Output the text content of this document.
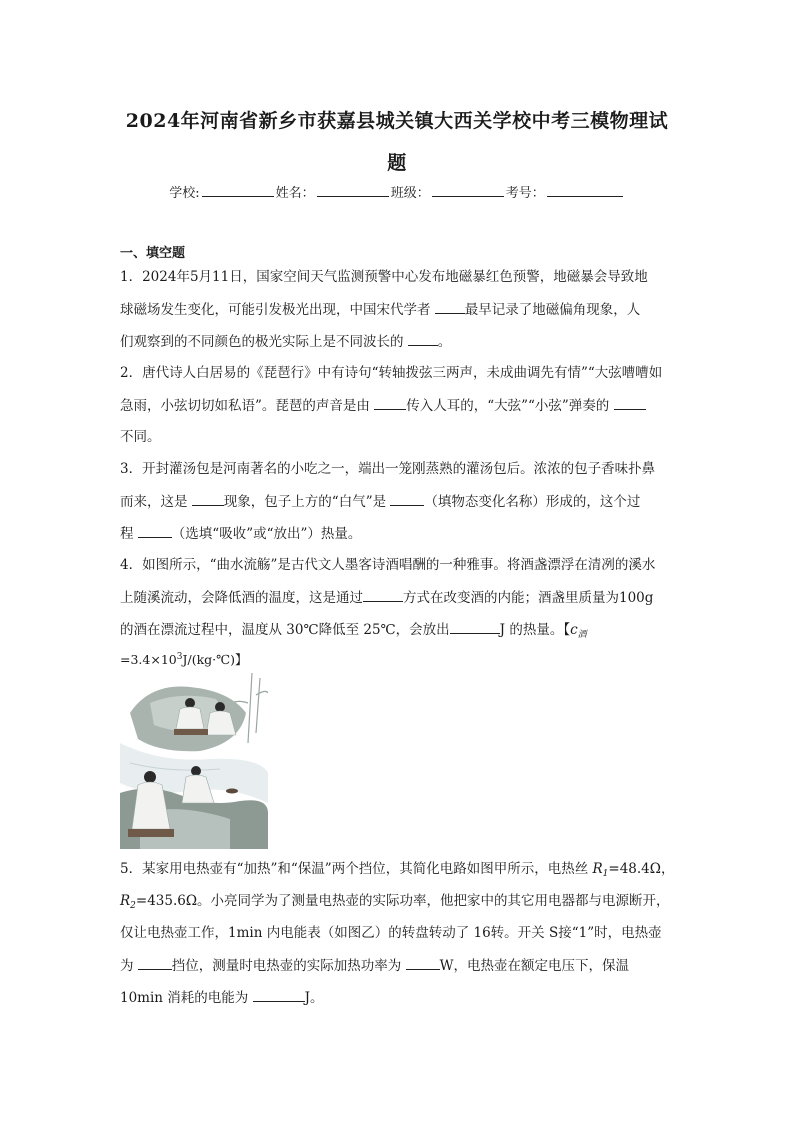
2024年河南省新乡市获嘉县城关镇大西关学校中考三模物理试
题
学校:	姓名：	班级：	考号：
一、填空题
1．2024年5月11日，国家空间天气监测预警中心发布地磁暴红色预警，地磁暴会导致地
球磁场发生变化，可能引发极光出现，中国宋代学者 最早记录了地磁偏角现象，人
们观察到的不同颜色的极光实际上是不同波长的 。
2．唐代诗人白居易的《琵琶行》中有诗句“转轴拨弦三两声，未成曲调先有情”“大弦嘈嘈如
急雨，小弦切切如私语”。琵琶的声音是由 传入人耳的，“大弦”“小弦”弹奏的
不同。
3．开封灌汤包是河南著名的小吃之一，端出一笼刚蒸熟的灌汤包后。浓浓的包子香味扑鼻
而来，这是 现象，包子上方的“白气”是	（填物态变化名称）形成的，这个过
程	（选填“吸收”或“放出”）热量。
4．如图所示，“曲水流觞”是古代文人墨客诗酒唱酬的一种雅事。将酒盏漂浮在清冽的溪水
上随溪流动，会降低酒的温度，这是通过	方式在改变酒的内能；酒盏里质量为100g
的酒在漂流过程中，温度从 30℃降低至 25℃，会放出	J 的热量。【$c_酒$
$=3.4\times 10^3J/(kg\cdot℃)$】
5．某家用电热壶有“加热”和“保温”两个挡位，其简化电路如图甲所示，电热丝 $R_1=48.4\Omega$，
$R_2=435.6\Omega$。小亮同学为了测量电热壶的实际功率，他把家中的其它用电器都与电源断开，
仅让电热壶工作，1min 内电能表（如图乙）的转盘转动了 16转。开关 S接“1”时，电热壶
为	挡位，测量时电热壶的实际加热功率为	W，电热壶在额定电压下，保温
10min 消耗的电能为	J。
